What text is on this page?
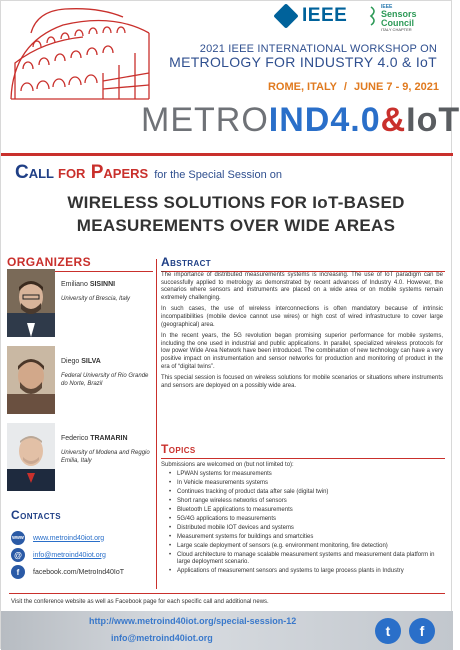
IEEE	IEEE
Sensors Council
ITALY CHAPTER
2021 IEEE INTERNATIONAL WORKSHOP ON
METROLOGY FOR INDUSTRY 4.0 & IoT
ROME, ITALY / JUNE 7 - 9, 2021
METROIND4.0&IoT
Call for Papers for the Special Session on
WIRELESS SOLUTIONS FOR IoT-BASED
MEASUREMENTS OVER WIDE AREAS
ORGANIZERS
Emiliano SISINNI
University of Brescia, Italy
Diego SILVA
Federal University of Rio Grande do Norte, Brazil
Federico TRAMARIN
University of Modena and Reggio Emilia, Italy
Contacts
www www.metroind40iot.org
@	info@metroind40iot.org
f	facebook.com/MetroInd40IoT
Abstract

The importance of distributed measurements systems is increasing. The use of IoT paradigm can be successfully applied to metrology as demonstrated by recent advances of Industry 4.0. However, the scenarios where sensors and instruments are placed on a wide area or on mobile systems remain extremely challenging.

In such cases, the use of wireless interconnections is often mandatory because of intrinsic incompatibilities (mobile device cannot use wires) or high cost of wired infrastructure to cover large (geographical) area.

In the recent years, the 5G revolution began promising superior performance for mobile systems, including the one used in industrial and public applications. In parallel, specialized wireless protocols for low power Wide Area Network have been introduced. The combination of new technology can have a very positive impact on instrumentation and sensor networks for production and monitoring of product in the era of “digital twins”.

This special session is focused on wireless solutions for mobile scenarios or situations where instruments and sensors are deployed on a possibly wide area.

Topics
Submissions are welcomed on (but not limited to):
• LPWAN systems for measurements
• In Vehicle measurements systems
• Continues tracking of product data after sale (digital twin)
• Short range wireless networks of sensors
• Bluetooth LE applications to measurements
• 5G/4G applications to measurements
• Distributed mobile IOT devices and systems
• Measurement systems for buildings and smartcities
• Large scale deployment of sensors (e.g. environment monitoring, fire detection)
• Cloud architecture to manage scalable measurement systems and measurement data platform in large deployment scenario.
• Applications of measurement sensors and systems to large process plants in Industry
Visit the conference website as well as Facebook page for each specific call and additional news.
http://www.metroind40iot.org/special-session-12
info@metroind40iot.org	t	f
